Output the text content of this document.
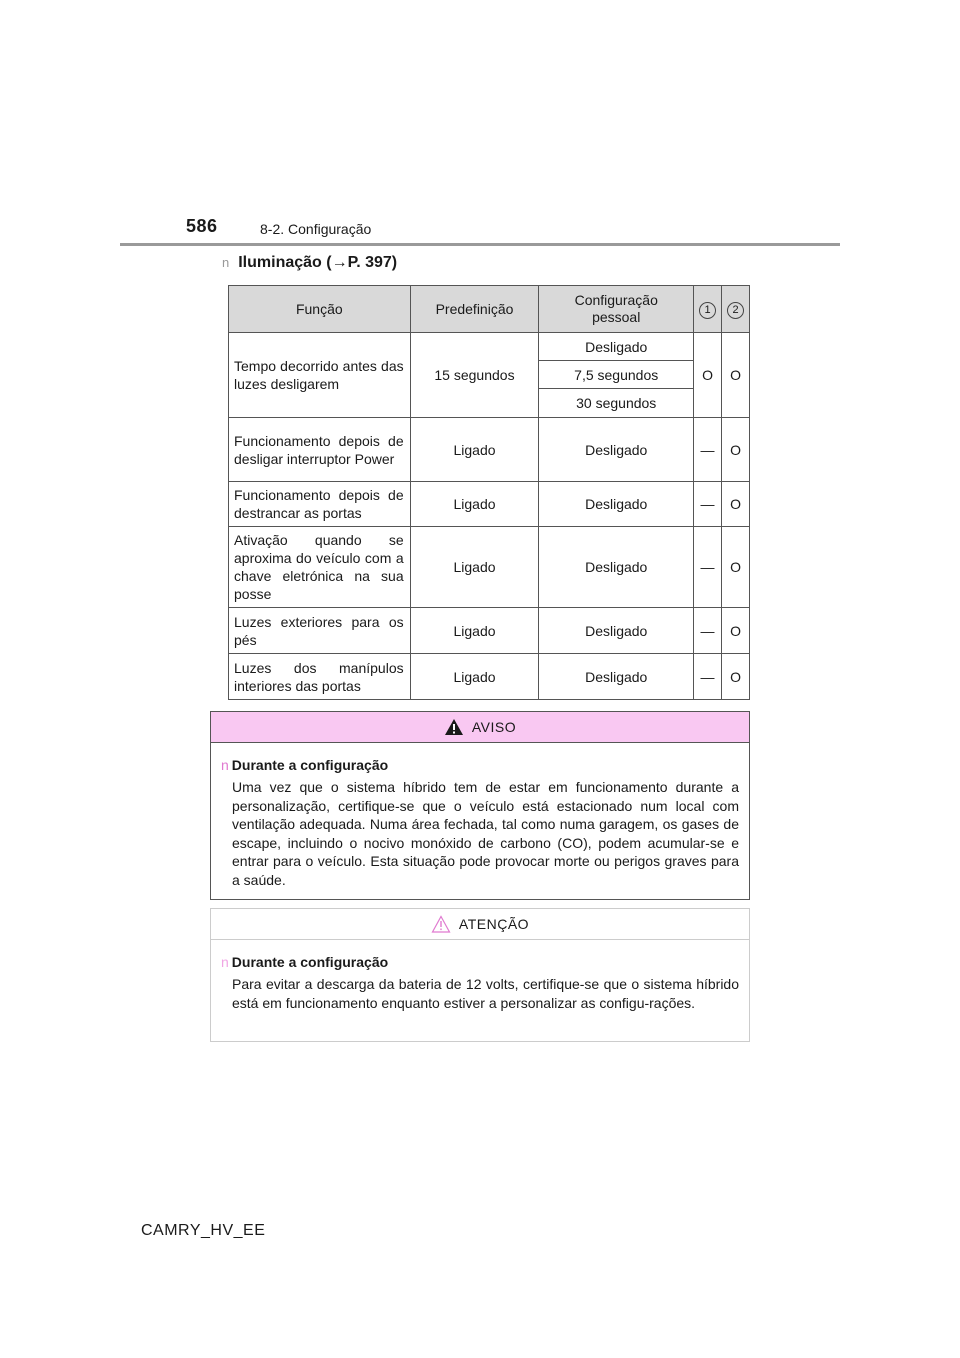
586	8-2. Configuração
n Iluminação (→P. 397)
Função	Predefinição	Configuração pessoal	1	2
Tempo decorrido antes das luzes desligarem	15 segundos	Desligado	O	O
		7,5 segundos		
		30 segundos		
Funcionamento depois de desligar interruptor Power	Ligado	Desligado	—	O
Funcionamento depois de destrancar as portas	Ligado	Desligado	—	O
Ativação quando se aproxima do veículo com a chave eletrónica na sua posse	Ligado	Desligado	—	O
Luzes exteriores para os pés	Ligado	Desligado	—	O
Luzes dos manípulos interiores das portas	Ligado	Desligado	—	O
AVISO
n Durante a configuração
Uma vez que o sistema híbrido tem de estar em funcionamento durante a personalização, certifique-se que o veículo está estacionado num local com ventilação adequada. Numa área fechada, tal como numa garagem, os gases de escape, incluindo o nocivo monóxido de carbono (CO), podem acumular-se e entrar para o veículo. Esta situação pode provocar morte ou perigos graves para a saúde.
ATENÇÃO
n Durante a configuração
Para evitar a descarga da bateria de 12 volts, certifique-se que o sistema híbrido está em funcionamento enquanto estiver a personalizar as configu-rações.
CAMRY_HV_EE
